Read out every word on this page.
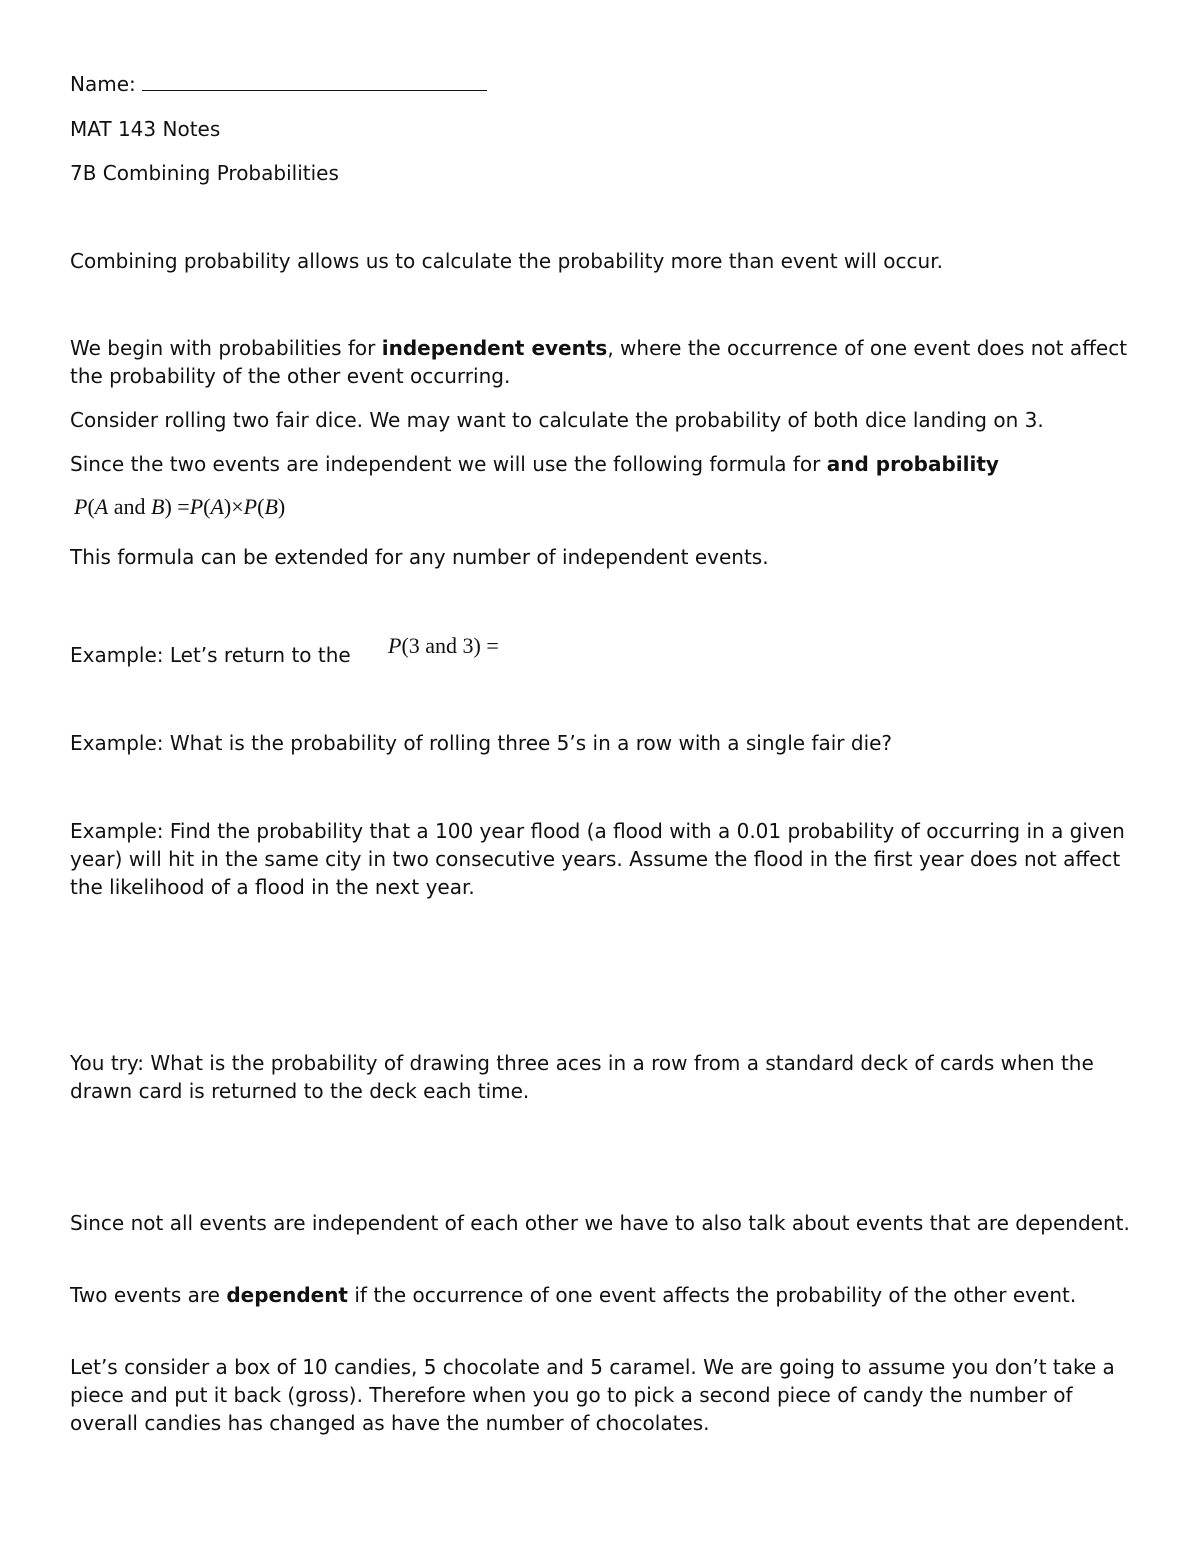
Name:

MAT 143 Notes

7B Combining Probabilities

Combining probability allows us to calculate the probability more than event will occur.

We begin with probabilities for independent events, where the occurrence of one event does not affect the probability of the other event occurring.

Consider rolling two fair dice. We may want to calculate the probability of both dice landing on 3.

Since the two events are independent we will use the following formula for and probability

P(A and B) =P(A)×P(B)

This formula can be extended for any number of independent events.

Example: Let’s return to the	P(3 and 3) =

Example: What is the probability of rolling three 5’s in a row with a single fair die?

Example: Find the probability that a 100 year flood (a flood with a 0.01 probability of occurring in a given year) will hit in the same city in two consecutive years. Assume the flood in the first year does not affect the likelihood of a flood in the next year.

You try: What is the probability of drawing three aces in a row from a standard deck of cards when the drawn card is returned to the deck each time.

Since not all events are independent of each other we have to also talk about events that are dependent.

Two events are dependent if the occurrence of one event affects the probability of the other event.

Let’s consider a box of 10 candies, 5 chocolate and 5 caramel. We are going to assume you don’t take a piece and put it back (gross). Therefore when you go to pick a second piece of candy the number of overall candies has changed as have the number of chocolates.
